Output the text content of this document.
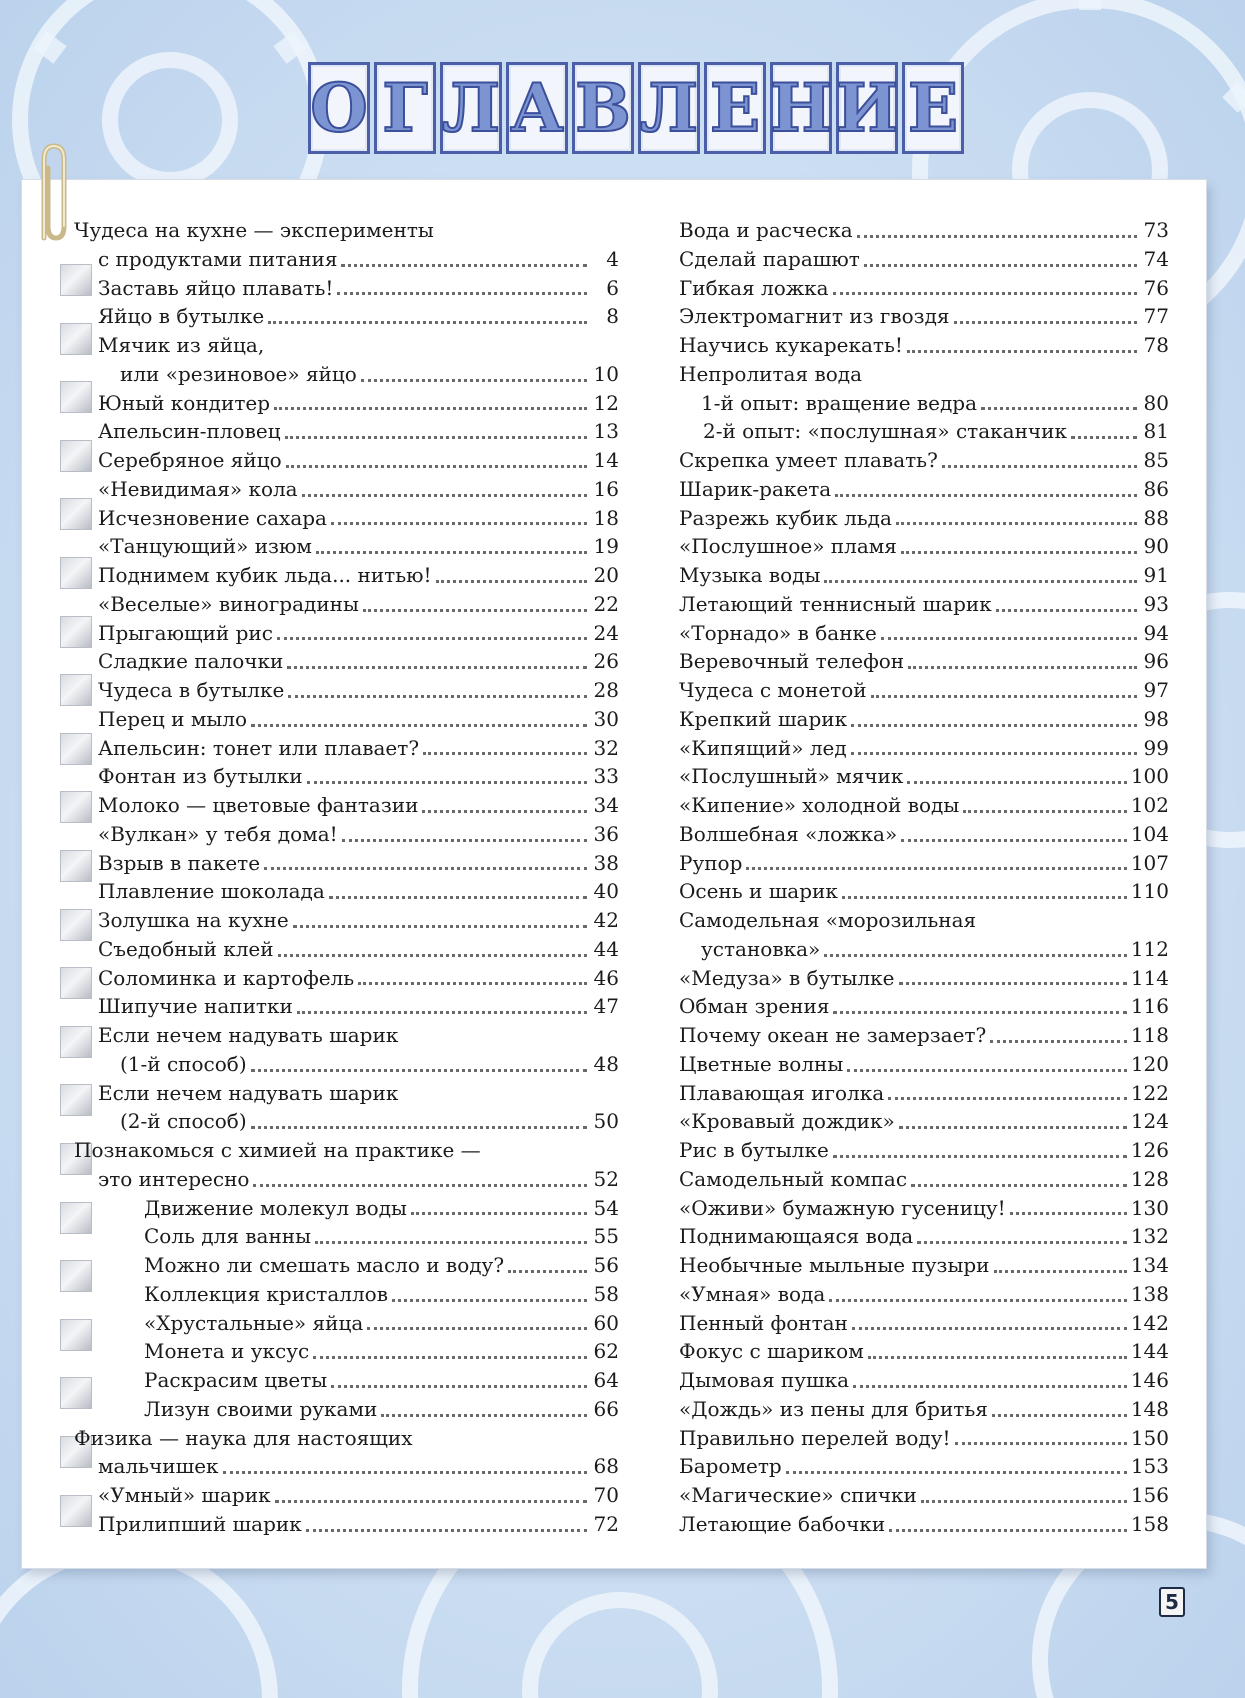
О Г Л А В Л Е Н И Е
Чудеса на кухне — эксперименты
с продуктами питания	4
Заставь яйцо плавать!	6
Яйцо в бутылке	8
Мячик из яйца,
или «резиновое» яйцо	10
Юный кондитер	12
Апельсин-пловец	13
Серебряное яйцо	14
«Невидимая» кола	16
Исчезновение сахара	18
«Танцующий» изюм	19
Поднимем кубик льда... нитью!	20
«Веселые» виноградины	22
Прыгающий рис	24
Сладкие палочки	26
Чудеса в бутылке	28
Перец и мыло	30
Апельсин: тонет или плавает?	32
Фонтан из бутылки	33
Молоко — цветовые фантазии	34
«Вулкан» у тебя дома!	36
Взрыв в пакете	38
Плавление шоколада	40
Золушка на кухне	42
Съедобный клей	44
Соломинка и картофель	46
Шипучие напитки	47
Если нечем надувать шарик
(1-й способ)	48
Если нечем надувать шарик
(2-й способ)	50
Познакомься с химией на практике —
это интересно	52
Движение молекул воды	54
Соль для ванны	55
Можно ли смешать масло и воду?	56
Коллекция кристаллов	58
«Хрустальные» яйца	60
Монета и уксус	62
Раскрасим цветы	64
Лизун своими руками	66
Физика — наука для настоящих
мальчишек	68
«Умный» шарик	70
Прилипший шарик	72
Вода и расческа	73
Сделай парашют	74
Гибкая ложка	76
Электромагнит из гвоздя	77
Научись кукарекать!	78
Непролитая вода
1-й опыт: вращение ведра	80
2-й опыт: «послушная» стаканчик	81
Скрепка умеет плавать?	85
Шарик-ракета	86
Разрежь кубик льда	88
«Послушное» пламя	90
Музыка воды	91
Летающий теннисный шарик	93
«Торнадо» в банке	94
Веревочный телефон	96
Чудеса с монетой	97
Крепкий шарик	98
«Кипящий» лед	99
«Послушный» мячик	100
«Кипение» холодной воды	102
Волшебная «ложка»	104
Рупор	107
Осень и шарик	110
Самодельная «морозильная
установка»	112
«Медуза» в бутылке	114
Обман зрения	116
Почему океан не замерзает?	118
Цветные волны	120
Плавающая иголка	122
«Кровавый дождик»	124
Рис в бутылке	126
Самодельный компас	128
«Оживи» бумажную гусеницу!	130
Поднимающаяся вода	132
Необычные мыльные пузыри	134
«Умная» вода	138
Пенный фонтан	142
Фокус с шариком	144
Дымовая пушка	146
«Дождь» из пены для бритья	148
Правильно перелей воду!	150
Барометр	153
«Магические» спички	156
Летающие бабочки	158
5
